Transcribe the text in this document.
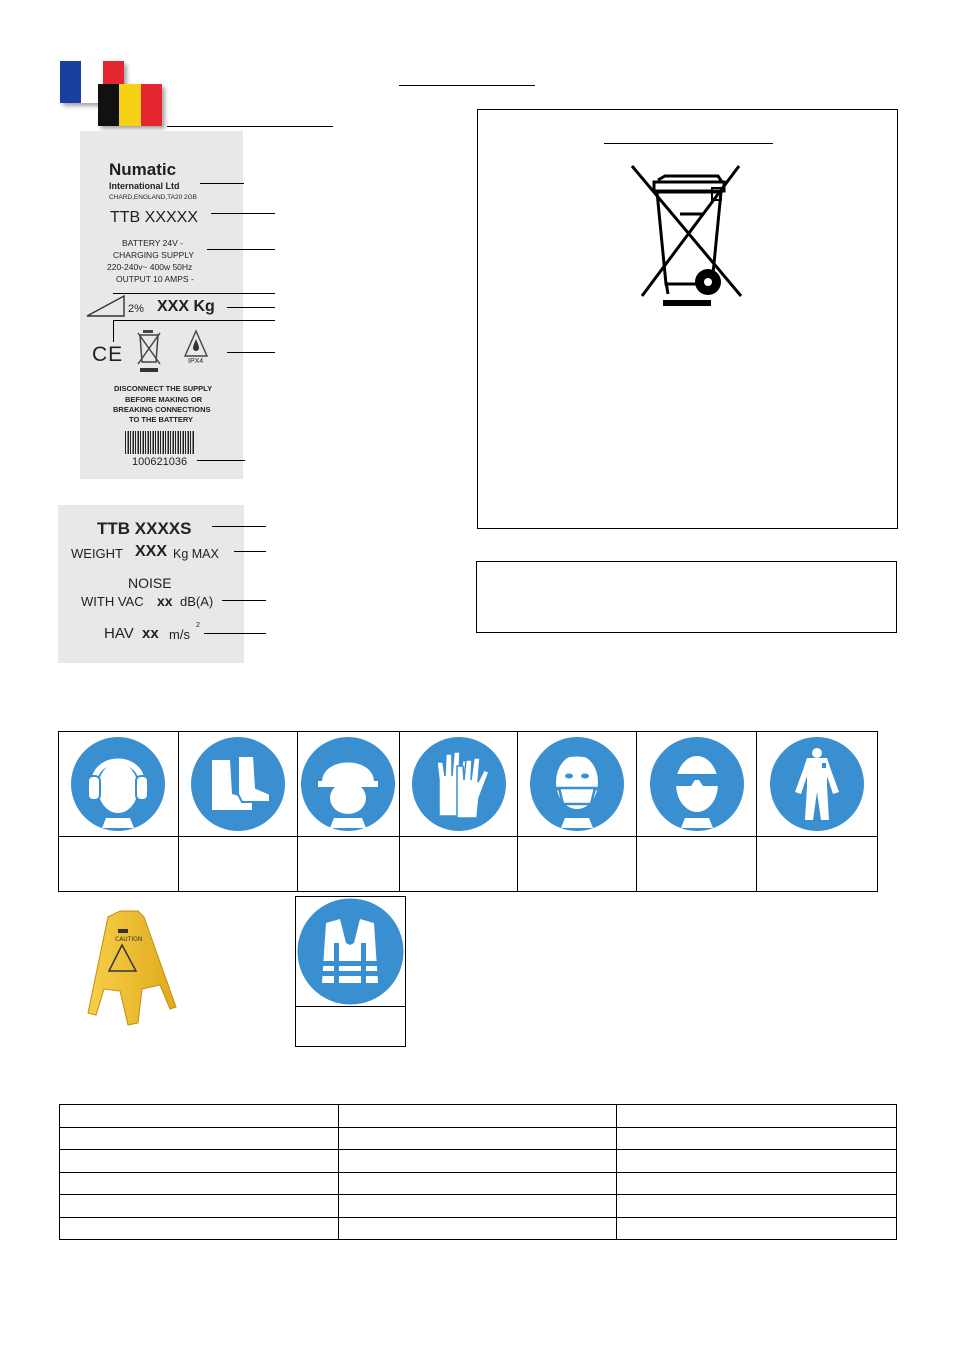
Numatic
International Ltd
CHARD,ENGLAND,TA20 2GB
TTB XXXXX
BATTERY 24V -
CHARGING SUPPLY
220-240v~ 400w 50Hz
OUTPUT 10 AMPS -
2% XXX Kg
CE	IPX4
DISCONNECT THE SUPPLY
BEFORE MAKING OR
BREAKING CONNECTIONS
TO THE BATTERY
100621036
TTB XXXXS
WEIGHT XXX Kg MAX
NOISE
WITH VAC xx dB(A)
HAV xx m/s
2

CAUTION
